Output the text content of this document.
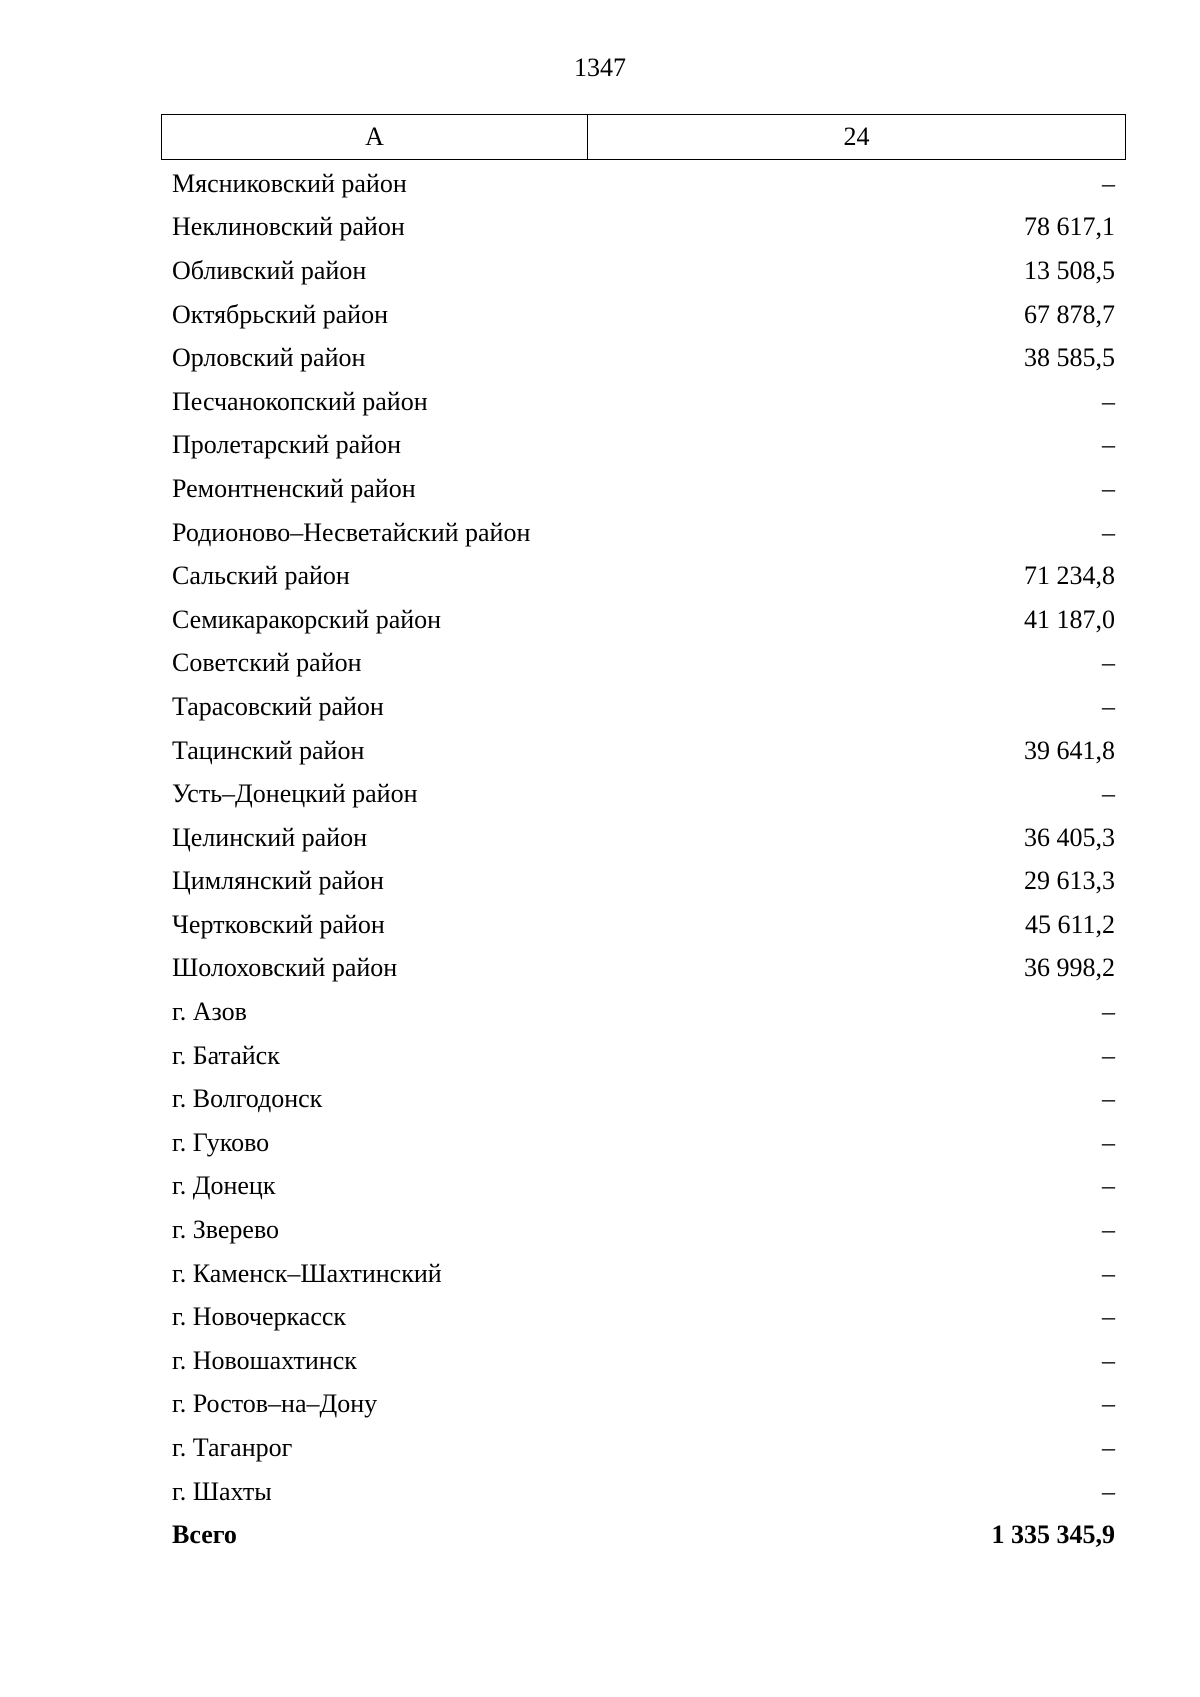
1347
А	24
Мясниковский район	–
Неклиновский район	78 617,1
Обливский район	13 508,5
Октябрьский район	67 878,7
Орловский район	38 585,5
Песчанокопский район	–
Пролетарский район	–
Ремонтненский район	–
Родионово–Несветайский район	–
Сальский район	71 234,8
Семикаракорский район	41 187,0
Советский район	–
Тарасовский район	–
Тацинский район	39 641,8
Усть–Донецкий район	–
Целинский район	36 405,3
Цимлянский район	29 613,3
Чертковский район	45 611,2
Шолоховский район	36 998,2
г. Азов	–
г. Батайск	–
г. Волгодонск	–
г. Гуково	–
г. Донецк	–
г. Зверево	–
г. Каменск–Шахтинский	–
г. Новочеркасск	–
г. Новошахтинск	–
г. Ростов–на–Дону	–
г. Таганрог	–
г. Шахты	–
Всего	1 335 345,9
